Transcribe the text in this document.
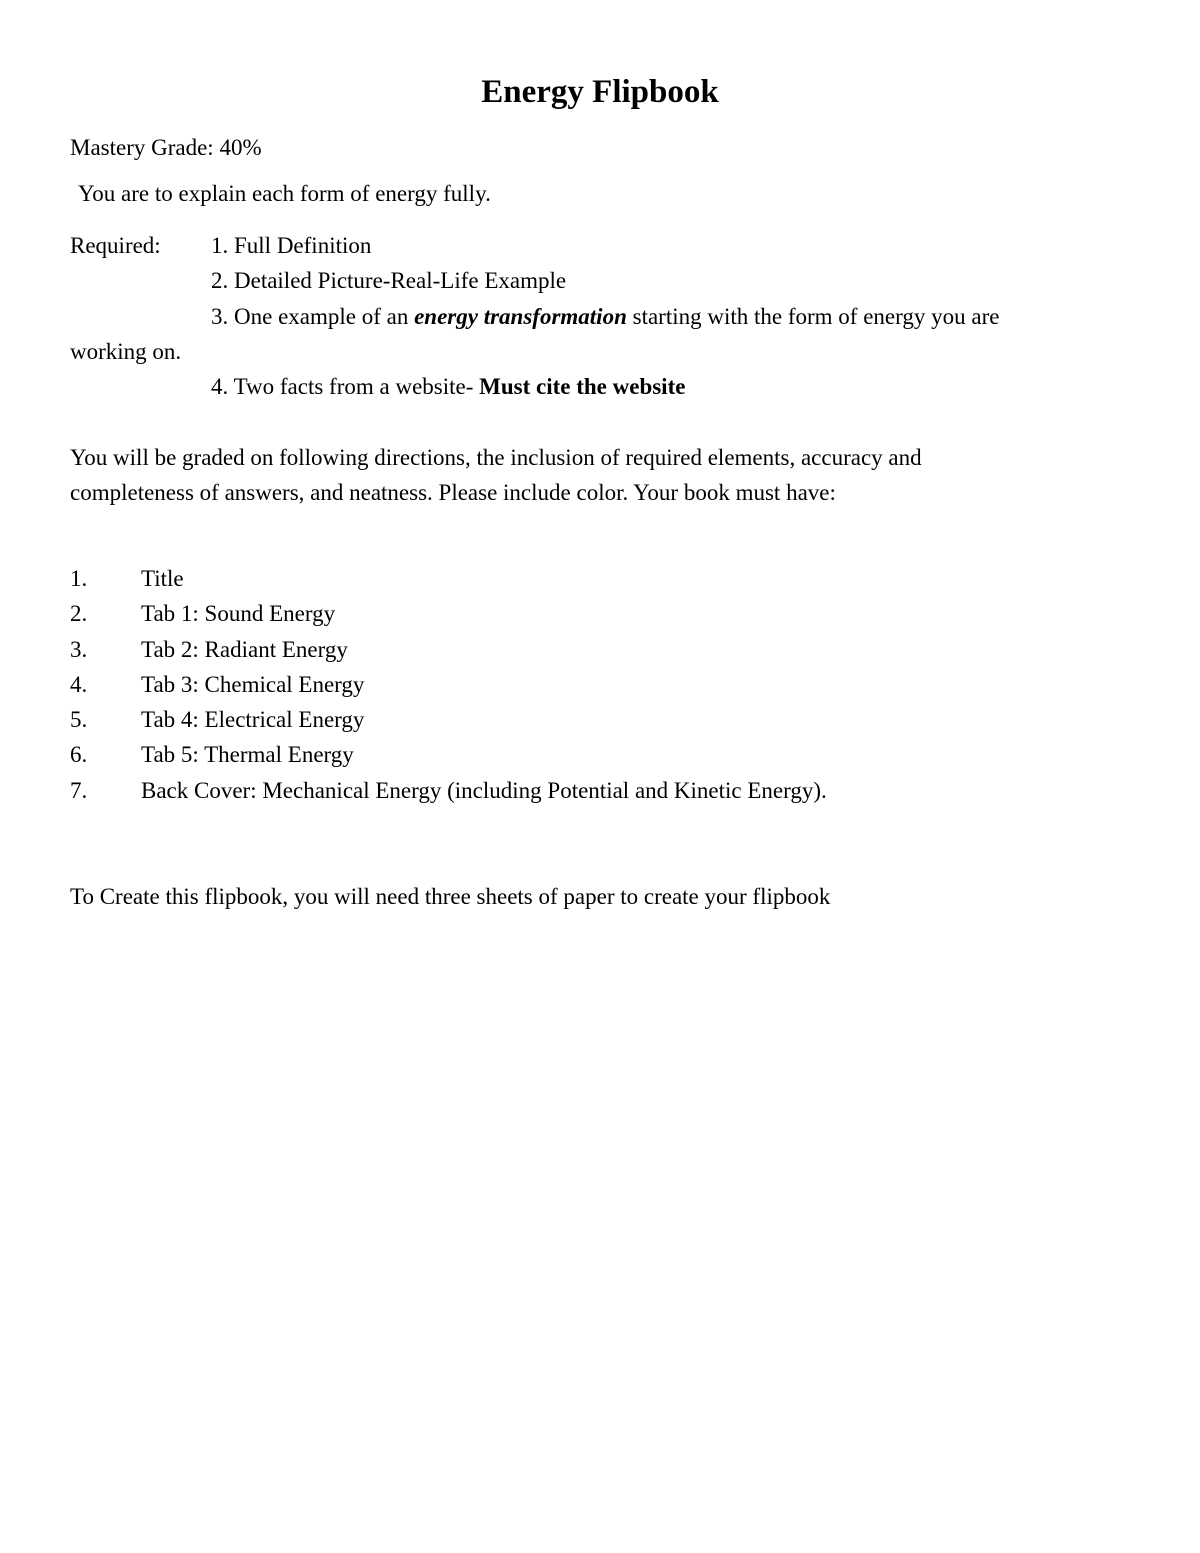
Energy Flipbook

Mastery Grade: 40%

You are to explain each form of energy fully.

Required: 1. Full Definition

2. Detailed Picture-Real-Life Example

3. One example of an energy transformation starting with the form of energy you are

working on.

4. Two facts from a website- Must cite the website

You will be graded on following directions, the inclusion of required elements, accuracy and

completeness of answers, and neatness. Please include color. Your book must have:

1. Title
2. Tab 1: Sound Energy
3. Tab 2: Radiant Energy
4. Tab 3: Chemical Energy
5. Tab 4: Electrical Energy
6. Tab 5: Thermal Energy
7. Back Cover: Mechanical Energy (including Potential and Kinetic Energy).

To Create this flipbook, you will need three sheets of paper to create your flipbook
